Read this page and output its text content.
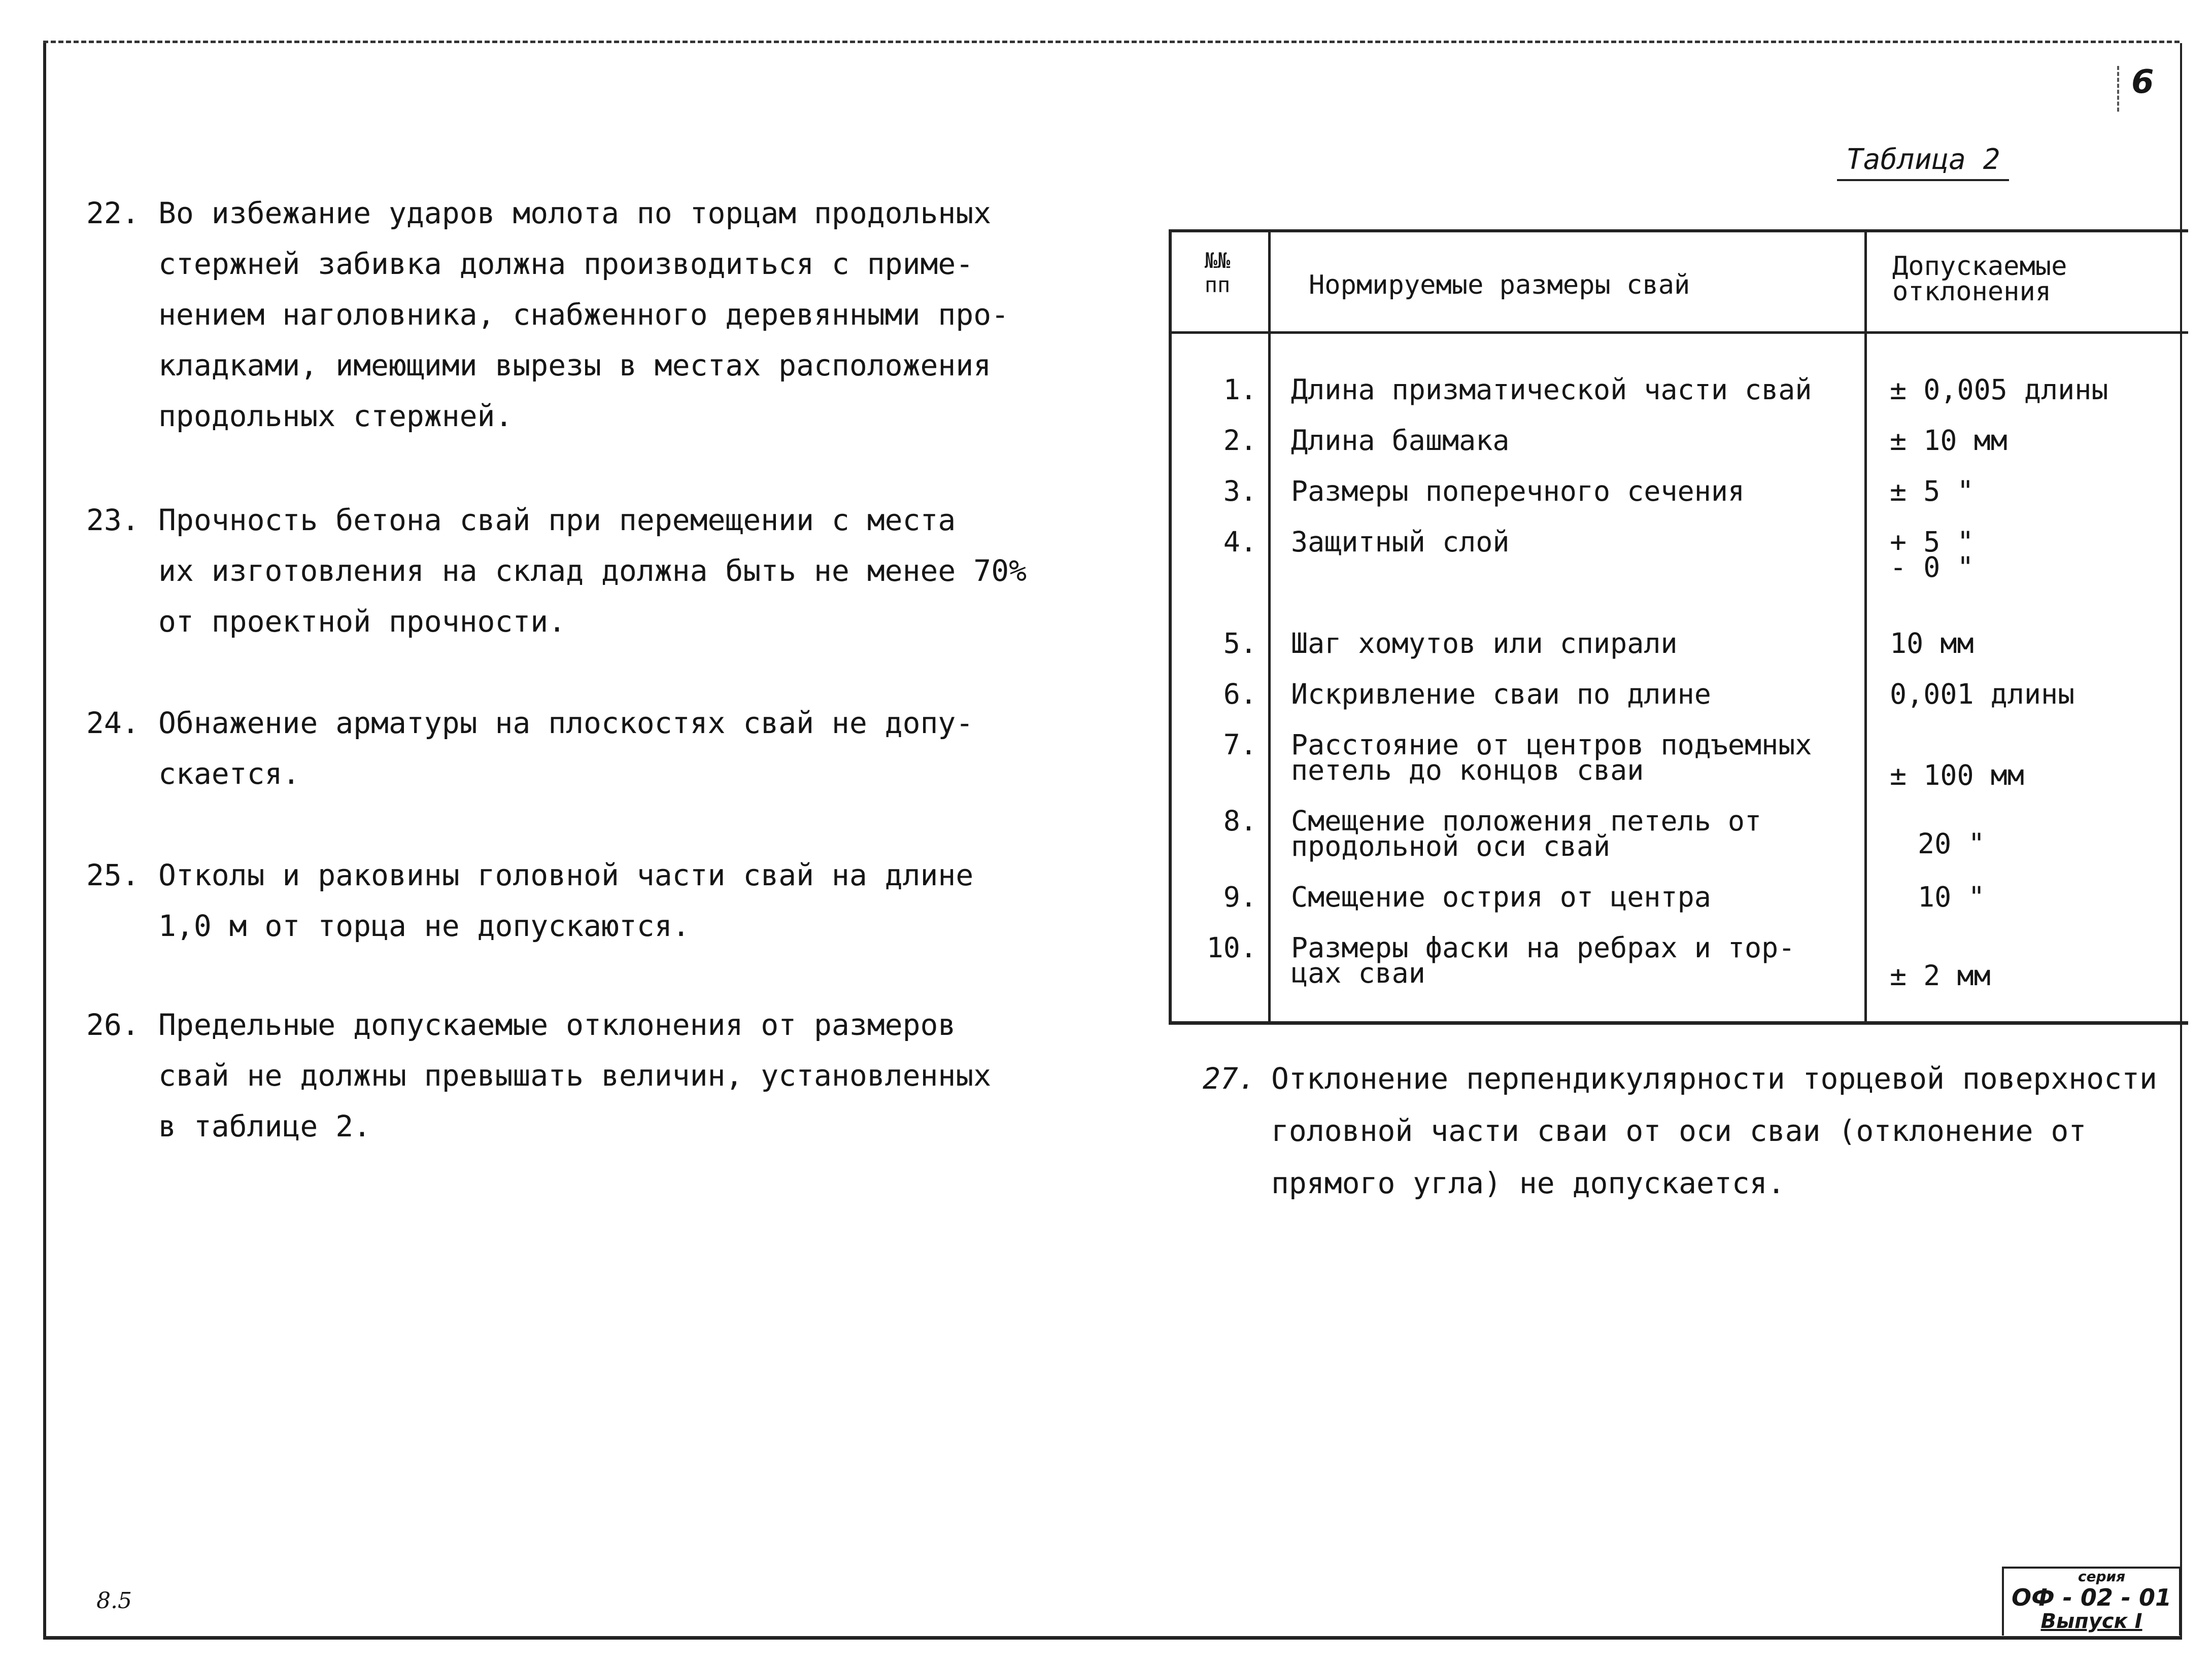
6
22. Во избежание ударов молота по торцам продольных
стержней забивка должна производиться с приме-
нением наголовника, снабженного деревянными про-
кладками, имеющими вырезы в местах расположения
продольных стержней.
23. Прочность бетона свай при перемещении с места
их изготовления на склад должна быть не менее 70%
от проектной прочности.
24. Обнажение арматуры на плоскостях свай не допу-
скается.
25. Отколы и раковины головной части свай на длине
1,0 м от торца не допускаются.
26. Предельные допускаемые отклонения от размеров
свай не должны превышать величин, установленных
в таблице 2.
Таблица 2
№№ пп	Нормируемые размеры свай
Допускаемые
отклонения
1. Длина призматической части свай	± 0,005 длины
2. Длина башмака	± 10 мм
3. Размеры поперечного сечения	± 5 "
4. Защитный слой	+ 5 "
- 0 "
5. Шаг хомутов или спирали	10 мм
6. Искривление сваи по длине	0,001 длины
7. Расстояние от центров подъемных
петель до концов сваи	± 100 мм
8. Смещение положения петель от
продольной оси свай	20 "
9. Смещение острия от центра	10 "
10. Размеры фаски на ребрах и тор-
цах сваи	± 2 мм
27. Отклонение перпендикулярности торцевой поверхности
головной части сваи от оси сваи (отклонение от
прямого угла) не допускается.
8.5
серия
ОФ - 02 - 01
Выпуск I
